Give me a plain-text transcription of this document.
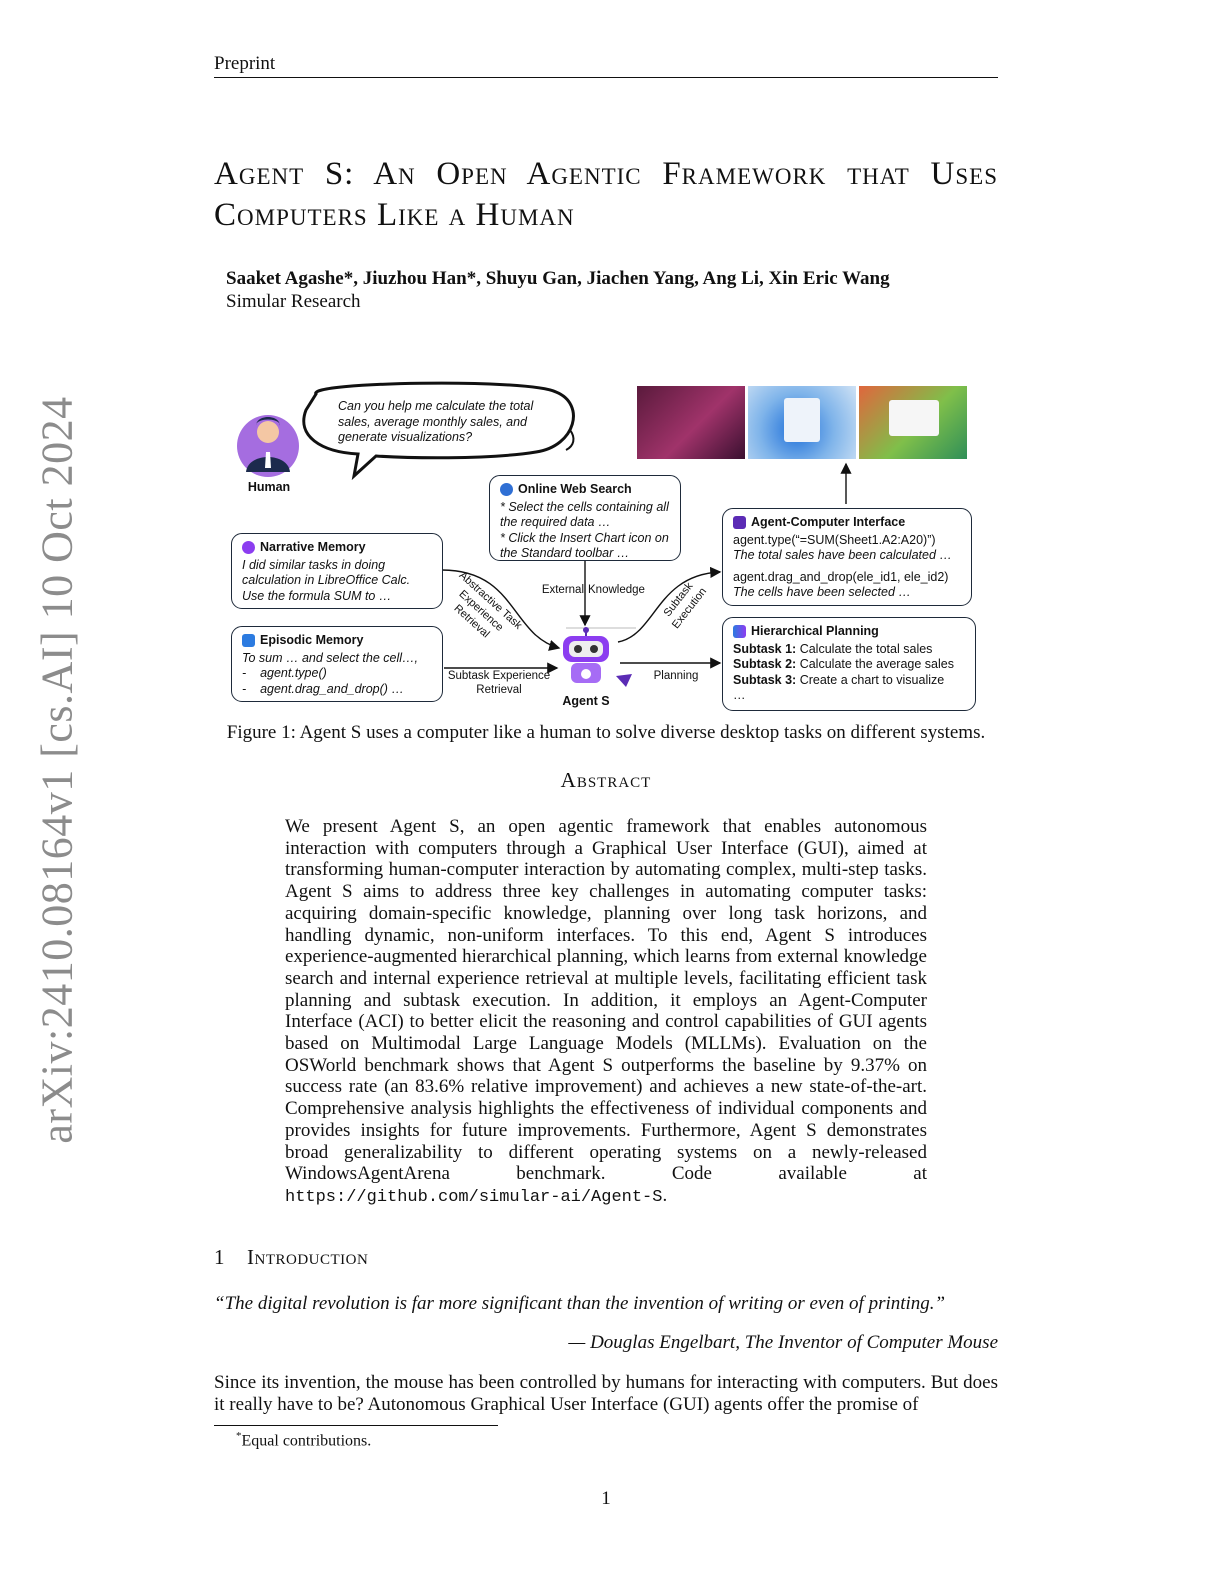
Preprint
arXiv:2410.08164v1 [cs.AI] 10 Oct 2024
Agent S: An Open Agentic Framework that Uses Computers Like a Human
Saaket Agashe*, Jiuzhou Han*, Shuyu Gan, Jiachen Yang, Ang Li, Xin Eric Wang
Simular Research
Can you help me calculate the total sales, average monthly sales, and generate visualizations?
Human	Online Web Search
* Select the cells containing all the required data …
* Click the Insert Chart icon on the Standard toolbar …
Narrative Memory
I did similar tasks in doing calculation in LibreOffice Calc. Use the formula SUM to …
Episodic Memory
To sum … and select the cell…,
-    agent.type()
-    agent.drag_and_drop() …
Agent-Computer Interface
agent.type(“=SUM(Sheet1.A2:A20)”)
The total sales have been calculated …
agent.drag_and_drop(ele_id1, ele_id2)
The cells have been selected …
Hierarchical Planning
Subtask 1: Calculate the total sales
Subtask 2: Calculate the average sales
Subtask 3: Create a chart to visualize
…
External Knowledge
Abstractive Task Experience Retrieval
Subtask Execution
Subtask Experience Retrieval
Planning
Agent S
Figure 1: Agent S uses a computer like a human to solve diverse desktop tasks on different systems.
Abstract
We present Agent S, an open agentic framework that enables autonomous interaction with computers through a Graphical User Interface (GUI), aimed at transforming human-computer interaction by automating complex, multi-step tasks. Agent S aims to address three key challenges in automating computer tasks: acquiring domain-specific knowledge, planning over long task horizons, and handling dynamic, non-uniform interfaces. To this end, Agent S introduces experience-augmented hierarchical planning, which learns from external knowledge search and internal experience retrieval at multiple levels, facilitating efficient task planning and subtask execution. In addition, it employs an Agent-Computer Interface (ACI) to better elicit the reasoning and control capabilities of GUI agents based on Multimodal Large Language Models (MLLMs). Evaluation on the OSWorld benchmark shows that Agent S outperforms the baseline by 9.37% on success rate (an 83.6% relative improvement) and achieves a new state-of-the-art. Comprehensive analysis highlights the effectiveness of individual components and provides insights for future improvements. Furthermore, Agent S demonstrates broad generalizability to different operating systems on a newly-released WindowsAgentArena benchmark. Code available at https://github.com/simular-ai/Agent-S.
1 Introduction
“The digital revolution is far more significant than the invention of writing or even of printing.”
— Douglas Engelbart, The Inventor of Computer Mouse
Since its invention, the mouse has been controlled by humans for interacting with computers. But does it really have to be? Autonomous Graphical User Interface (GUI) agents offer the promise of
*Equal contributions.
1
